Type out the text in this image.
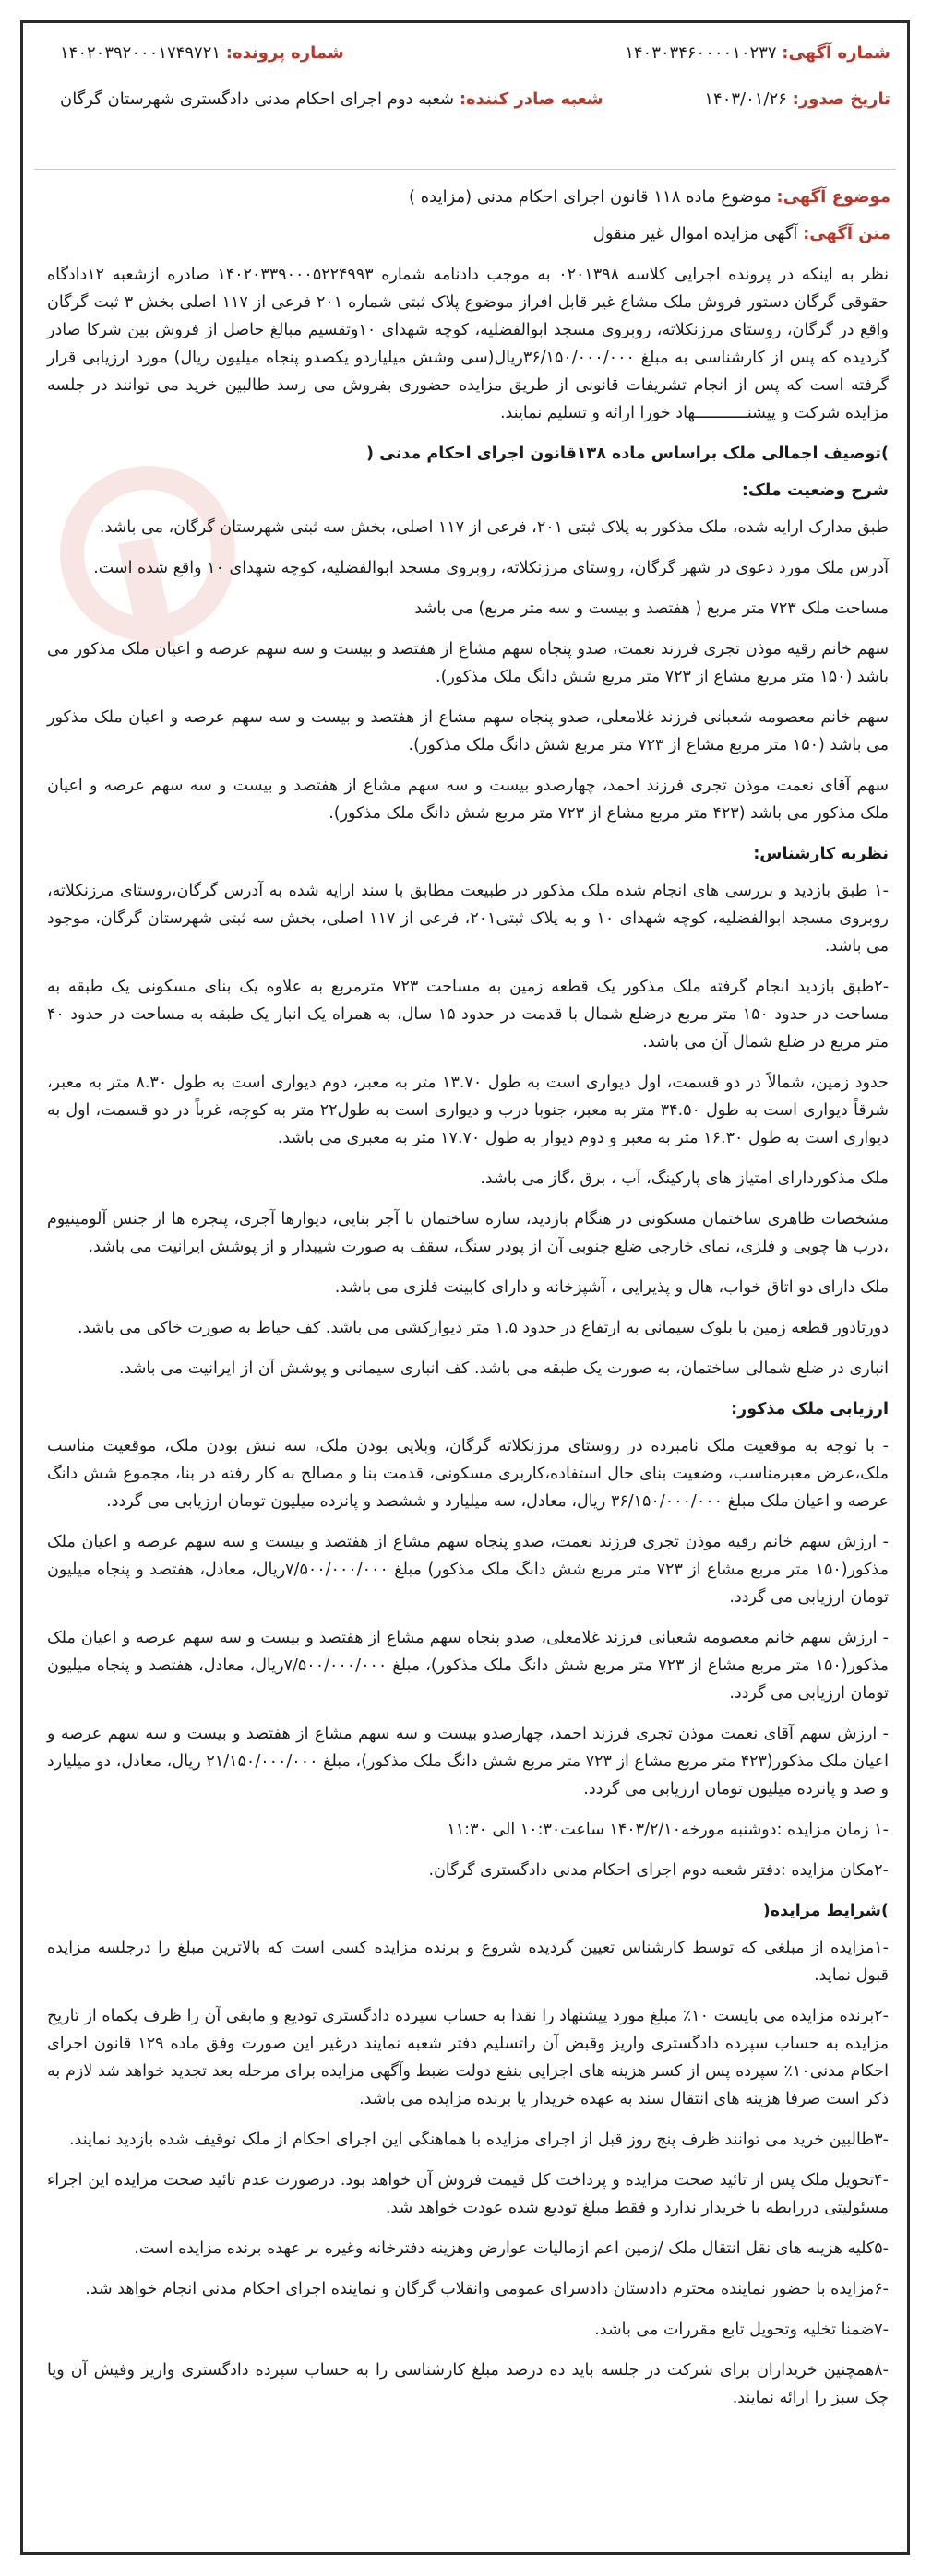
شماره آگهی: ۱۴۰۳۰۳۴۶۰۰۰۰۱۰۲۳۷
شماره پرونده: ۱۴۰۲۰۳۹۲۰۰۰۱۷۴۹۷۲۱
تاریخ صدور: ۱۴۰۳/۰۱/۲۶
شعبه صادر کننده: شعبه دوم اجرای احکام مدنی دادگستری شهرستان گرگان
موضوع آگهی: موضوع ماده ۱۱۸ قانون اجرای احکام مدنی (مزایده )
متن آگهی: آگهی مزایده اموال غیر منقول

نظر به اینکه در پرونده اجرایی کلاسه ۰۲۰۱۳۹۸ به موجب دادنامه شماره ۱۴۰۲۰۳۳۹۰۰۰۵۲۲۴۹۹۳ صادره ازشعبه ۱۲دادگاه حقوقی گرگان دستور فروش ملک مشاع غیر قابل افراز موضوع پلاک ثبتی شماره ۲۰۱ فرعی از ۱۱۷ اصلی بخش ۳ ثبت گرگان واقع در گرگان، روستای مرزنکلاته، روبروی مسجد ابوالفضلیه، کوچه شهدای ۱۰وتقسیم مبالغ حاصل از فروش بین شرکا صادر گردیده که پس از کارشناسی به مبلغ ۳۶/۱۵۰/۰۰۰/۰۰۰ریال(سی وشش میلیاردو یکصدو پنجاه میلیون ریال) مورد ارزیابی قرار گرفته است که پس از انجام تشریفات قانونی از طریق مزایده حضوری بفروش می رسد طالبین خرید می توانند در جلسه مزایده شرکت و پیشنـــــــــــهاد خورا ارائه و تسلیم نمایند.

)توصیف اجمالی ملک براساس ماده ۱۳۸قانون اجرای احکام مدنی (

شرح وضعیت ملک:

طبق مدارک ارایه شده، ملک مذکور به پلاک ثبتی ۲۰۱، فرعی از ۱۱۷ اصلی، بخش سه ثبتی شهرستان گرگان، می باشد.

آدرس ملک مورد دعوی در شهر گرگان، روستای مرزنکلاته، روبروی مسجد ابوالفضلیه، کوچه شهدای ۱۰ واقع شده است.

مساحت ملک ۷۲۳ متر مربع ( هفتصد و بیست و سه متر مربع) می باشد

سهم خانم رقیه موذن تجری فرزند نعمت، صدو پنجاه سهم مشاع از هفتصد و بیست و سه سهم عرصه و اعیان ملک مذکور می باشد (۱۵۰ متر مربع مشاع از ۷۲۳ متر مربع شش دانگ ملک مذکور).

سهم خانم معصومه شعبانی فرزند غلامعلی، صدو پنجاه سهم مشاع از هفتصد و بیست و سه سهم عرصه و اعیان ملک مذکور می باشد (۱۵۰ متر مربع مشاع از ۷۲۳ متر مربع شش دانگ ملک مذکور).

سهم آقای نعمت موذن تجری فرزند احمد، چهارصدو بیست و سه سهم مشاع از هفتصد و بیست و سه سهم عرصه و اعیان ملک مذکور می باشد (۴۲۳ متر مربع مشاع از ۷۲۳ متر مربع شش دانگ ملک مذکور).

نظریه کارشناس:

-۱ طبق بازدید و بررسی های انجام شده ملک مذکور در طبیعت مطابق با سند ارایه شده به آدرس گرگان،روستای مرزنکلاته، روبروی مسجد ابوالفضلیه، کوچه شهدای ۱۰ و به پلاک ثبتی۲۰۱، فرعی از ۱۱۷ اصلی، بخش سه ثبتی شهرستان گرگان، موجود می باشد.

-۲طبق بازدید انجام گرفته ملک مذکور یک قطعه زمین به مساحت ۷۲۳ مترمربع به علاوه یک بنای مسکونی یک طبقه به مساحت در حدود ۱۵۰ متر مربع درضلع شمال با قدمت در حدود ۱۵ سال، به همراه یک انبار یک طبقه به مساحت در حدود ۴۰ متر مربع در ضلع شمال آن می باشد.

حدود زمین، شمالاً در دو قسمت، اول دیواری است به طول ۱۳.۷۰ متر به معبر، دوم دیواری است به طول ۸.۳۰ متر به معبر، شرقاً دیواری است به طول ۳۴.۵۰ متر به معبر، جنوبا درب و دیواری است به طول۲۲ متر به کوچه، غرباً در دو قسمت، اول به دیواری است به طول ۱۶.۳۰ متر به معبر و دوم دیوار به طول ۱۷.۷۰ متر به معبری می باشد.

ملک مذکوردارای امتیاز های پارکینگ، آب ، برق ،گاز می باشد.

مشخصات ظاهری ساختمان مسکونی در هنگام بازدید، سازه ساختمان با آجر بنایی، دیوارها آجری، پنجره ها از جنس آلومینیوم ،درب ها چوبی و فلزی، نمای خارجی ضلع جنوبی آن از پودر سنگ، سقف به صورت شیبدار و از پوشش ایرانیت می باشد.

ملک دارای دو اتاق خواب، هال و پذیرایی ، آشپزخانه و دارای کابینت فلزی می باشد.

دورتادور قطعه زمین با بلوک سیمانی به ارتفاع در حدود ۱.۵ متر دیوارکشی می باشد. کف حیاط به صورت خاکی می باشد.

انباری در ضلع شمالی ساختمان، به صورت یک طبقه می باشد. کف انباری سیمانی و پوشش آن از ایرانیت می باشد.

ارزیابی ملک مذکور:

- با توجه به موقعیت ملک نامبرده در روستای مرزنکلاته گرگان، وبلایی بودن ملک، سه نبش بودن ملک، موقعیت مناسب ملک،عرض معبرمناسب، وضعیت بنای حال استفاده،کاربری مسکونی، قدمت بنا و مصالح به کار رفته در بنا، مجموع شش دانگ عرصه و اعیان ملک مبلغ ۳۶/۱۵۰/۰۰۰/۰۰۰ ریال، معادل، سه میلیارد و ششصد و پانزده میلیون تومان ارزیابی می گردد.

- ارزش سهم خانم رقیه موذن تجری فرزند نعمت، صدو پنجاه سهم مشاع از هفتصد و بیست و سه سهم عرصه و اعیان ملک مذکور(۱۵۰ متر مربع مشاع از ۷۲۳ متر مربع شش دانگ ملک مذکور) مبلغ ۷/۵۰۰/۰۰۰/۰۰۰ریال، معادل، هفتصد و پنجاه میلیون تومان ارزیابی می گردد.

- ارزش سهم خانم معصومه شعبانی فرزند غلامعلی، صدو پنجاه سهم مشاع از هفتصد و بیست و سه سهم عرصه و اعیان ملک مذکور(۱۵۰ متر مربع مشاع از ۷۲۳ متر مربع شش دانگ ملک مذکور)، مبلغ ۷/۵۰۰/۰۰۰/۰۰۰ریال، معادل، هفتصد و پنجاه میلیون تومان ارزیابی می گردد.

- ارزش سهم آقای نعمت موذن تجری فرزند احمد، چهارصدو بیست و سه سهم مشاع از هفتصد و بیست و سه سهم عرصه و اعیان ملک مذکور(۴۲۳ متر مربع مشاع از ۷۲۳ متر مربع شش دانگ ملک مذکور)، مبلغ ۲۱/۱۵۰/۰۰۰/۰۰۰ ریال، معادل، دو میلیارد و صد و پانزده میلیون تومان ارزیابی می گردد.

-۱ زمان مزایده :دوشنبه مورخه۱۴۰۳/۲/۱۰ ساعت۱۰:۳۰ الی ۱۱:۳۰

-۲مکان مزایده :دفتر شعبه دوم اجرای احکام مدنی دادگستری گرگان.

)شرایط مزایده(

-۱مزایده از مبلغی که توسط کارشناس تعیین گردیده شروع و برنده مزایده کسی است که بالاترین مبلغ را درجلسه مزایده قبول نماید.

-۲برنده مزایده می بایست ۱۰٪ مبلغ مورد پیشنهاد را نقدا به حساب سپرده دادگستری تودیع و مابقی آن را ظرف یکماه از تاریخ مزایده به حساب سپرده دادگستری واریز وقبض آن راتسلیم دفتر شعبه نمایند درغیر این صورت وفق ماده ۱۲۹ قانون اجرای احکام مدنی۱۰٪ سپرده پس از کسر هزینه های اجرایی بنفع دولت ضبط وآگهی مزایده برای مرحله بعد تجدید خواهد شد لازم به ذکر است صرفا هزینه های انتقال سند به عهده خریدار یا برنده مزایده می باشد.

-۳طالبین خرید می توانند ظرف پنج روز قبل از اجرای مزایده با هماهنگی این اجرای احکام از ملک توقیف شده بازدید نمایند.

-۴تحویل ملک پس از تائید صحت مزایده و پرداخت کل قیمت فروش آن خواهد بود. درصورت عدم تائید صحت مزایده این اجراء مسئولیتی دررابطه با خریدار ندارد و فقط مبلغ تودیع شده عودت خواهد شد.

-۵کلیه هزینه های نقل انتقال ملک /زمین اعم ازمالیات عوارض وهزینه دفترخانه وغیره بر عهده برنده مزایده است.

-۶مزایده با حضور نماینده محترم دادستان دادسرای عمومی وانقلاب گرگان و نماینده اجرای احکام مدنی انجام خواهد شد.

-۷ضمنا تخلیه وتحویل تابع مقررات می باشد.

-۸همچنین خریداران برای شرکت در جلسه باید ده درصد مبلغ کارشناسی را به حساب سپرده دادگستری واریز وفیش آن ویا چک سبز را ارائه نمایند.
